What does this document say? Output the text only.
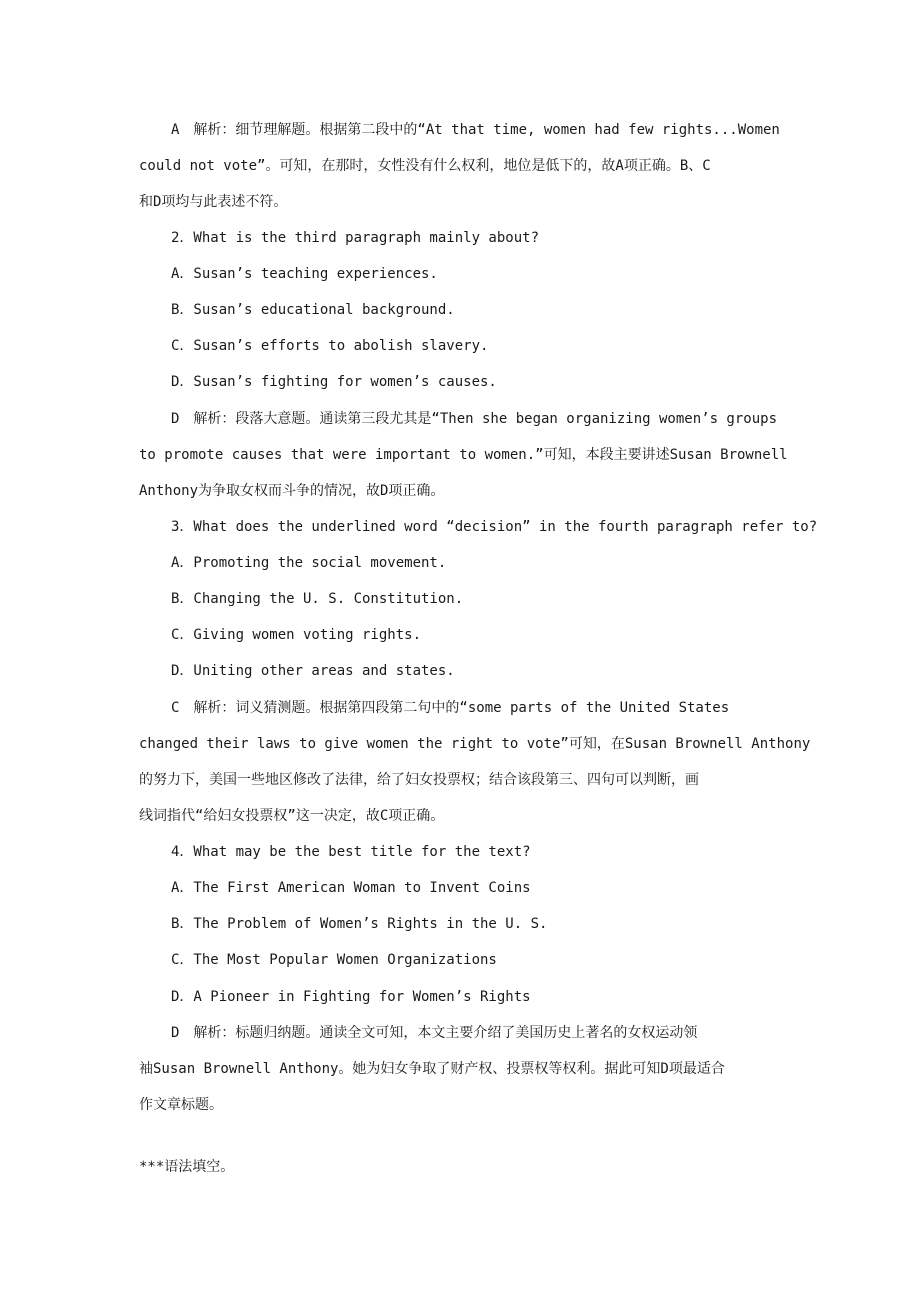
A　解析：细节理解题。根据第二段中的“At that time, women had few rights...Women
could not vote”。可知，在那时，女性没有什么权利，地位是低下的，故A项正确。B、C
和D项均与此表述不符。
2．What is the third paragraph mainly about?
A．Susan’s teaching experiences.
B．Susan’s educational background.
C．Susan’s efforts to abolish slavery.
D．Susan’s fighting for women’s causes.
D　解析：段落大意题。通读第三段尤其是“Then she began organizing women’s groups
to promote causes that were important to women.”可知，本段主要讲述Susan Brownell
Anthony为争取女权而斗争的情况，故D项正确。
3．What does the underlined word “decision” in the fourth paragraph refer to?
A．Promoting the social movement.
B．Changing the U. S. Constitution.
C．Giving women voting rights.
D．Uniting other areas and states.
C　解析：词义猜测题。根据第四段第二句中的“some parts of the United States
changed their laws to give women the right to vote”可知，在Susan Brownell Anthony
的努力下，美国一些地区修改了法律，给了妇女投票权；结合该段第三、四句可以判断，画
线词指代“给妇女投票权”这一决定，故C项正确。
4．What may be the best title for the text?
A．The First American Woman to Invent Coins
B．The Problem of Women’s Rights in the U. S.
C．The Most Popular Women Organizations
D．A Pioneer in Fighting for Women’s Rights
D　解析：标题归纳题。通读全文可知，本文主要介绍了美国历史上著名的女权运动领
袖Susan Brownell Anthony。她为妇女争取了财产权、投票权等权利。据此可知D项最适合
作文章标题。
***语法填空。
